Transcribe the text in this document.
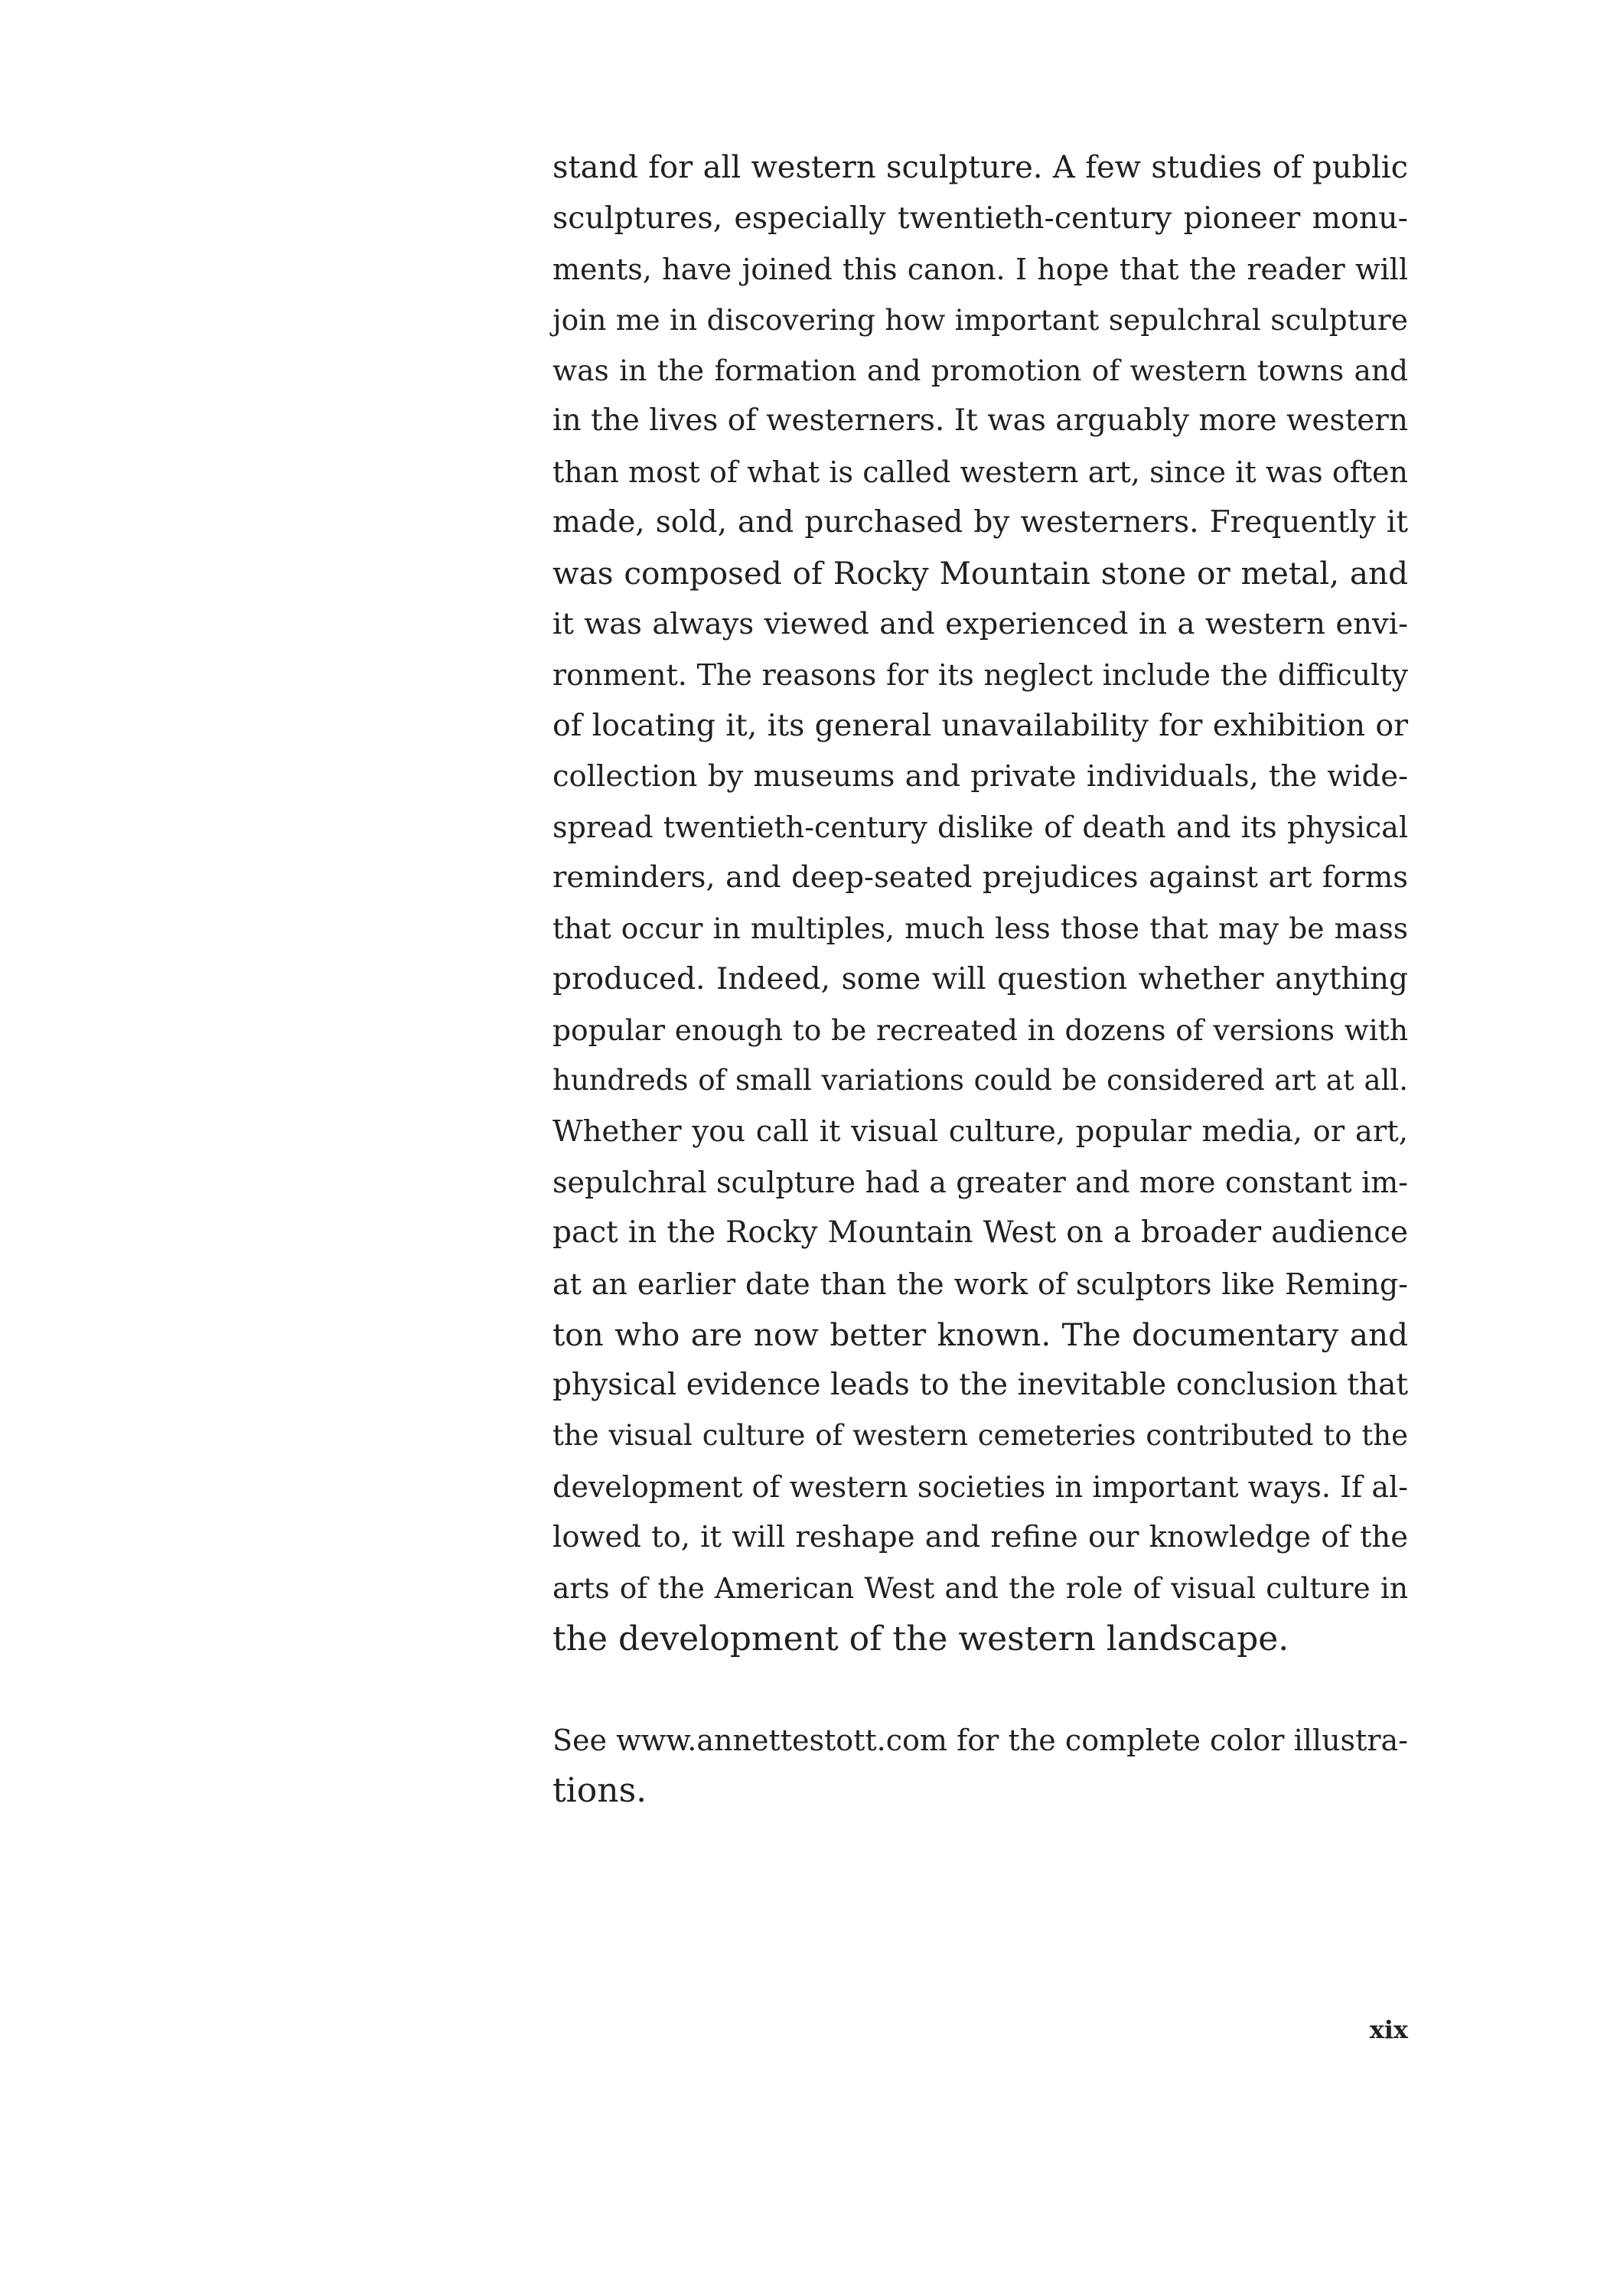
stand for all western sculpture. A few studies of public
sculptures, especially twentieth-century pioneer monu-
ments, have joined this canon. I hope that the reader will
join me in discovering how important sepulchral sculpture
was in the formation and promotion of western towns and
in the lives of westerners. It was arguably more western
than most of what is called western art, since it was often
made, sold, and purchased by westerners. Frequently it
was composed of Rocky Mountain stone or metal, and
it was always viewed and experienced in a western envi-
ronment. The reasons for its neglect include the difficulty
of locating it, its general unavailability for exhibition or
collection by museums and private individuals, the wide-
spread twentieth-century dislike of death and its physical
reminders, and deep-seated prejudices against art forms
that occur in multiples, much less those that may be mass
produced. Indeed, some will question whether anything
popular enough to be recreated in dozens of versions with
hundreds of small variations could be considered art at all.
Whether you call it visual culture, popular media, or art,
sepulchral sculpture had a greater and more constant im-
pact in the Rocky Mountain West on a broader audience
at an earlier date than the work of sculptors like Reming-
ton who are now better known. The documentary and
physical evidence leads to the inevitable conclusion that
the visual culture of western cemeteries contributed to the
development of western societies in important ways. If al-
lowed to, it will reshape and refine our knowledge of the
arts of the American West and the role of visual culture in
the development of the western landscape.
See www.annettestott.com for the complete color illustra-
tions.
xix
